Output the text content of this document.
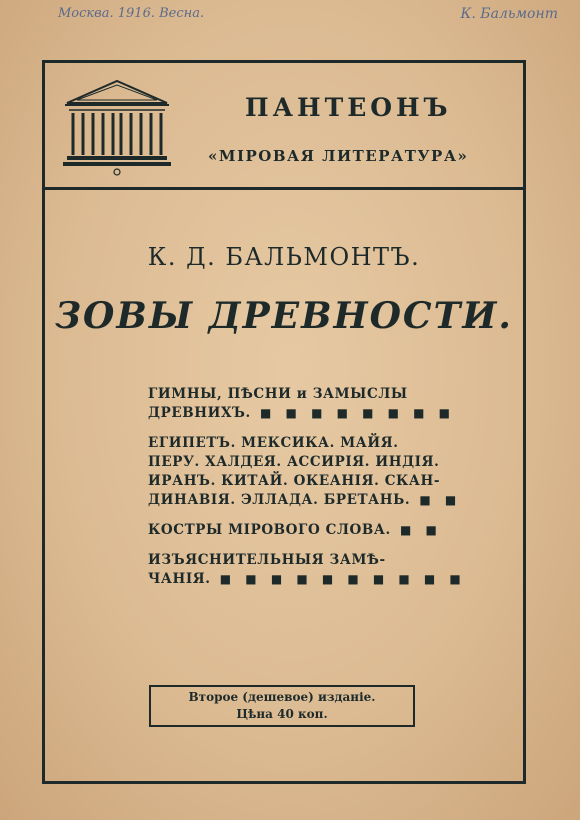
Москва. 1916. Весна.	К. Бальмонт
ПАНТЕОНЪ
«МІРОВАЯ ЛИТЕРАТУРА»
К. Д. БАЛЬМОНТЪ.
ЗОВЫ ДРЕВНОСТИ.
ГИМНЫ, ПѢСНИ и ЗАМЫСЛЫ
ДРЕВНИХЪ. ■ ■ ■ ■ ■ ■ ■ ■
ЕГИПЕТЪ. МЕКСИКА. МАЙЯ.
ПЕРУ. ХАЛДЕЯ. АССИРІЯ. ИНДІЯ.
ИРАНЪ. КИТАЙ. ОКЕАНІЯ. СКАН-
ДИНАВІЯ. ЭЛЛАДА. БРЕТАНЬ. ■ ■
КОСТРЫ МІРОВОГО СЛОВА. ■ ■
ИЗЪЯСНИТЕЛЬНЫЯ ЗАМѢ-
ЧАНІЯ. ■ ■ ■ ■ ■ ■ ■ ■ ■ ■
Второе (дешевое) изданіе.
Цѣна 40 коп.
